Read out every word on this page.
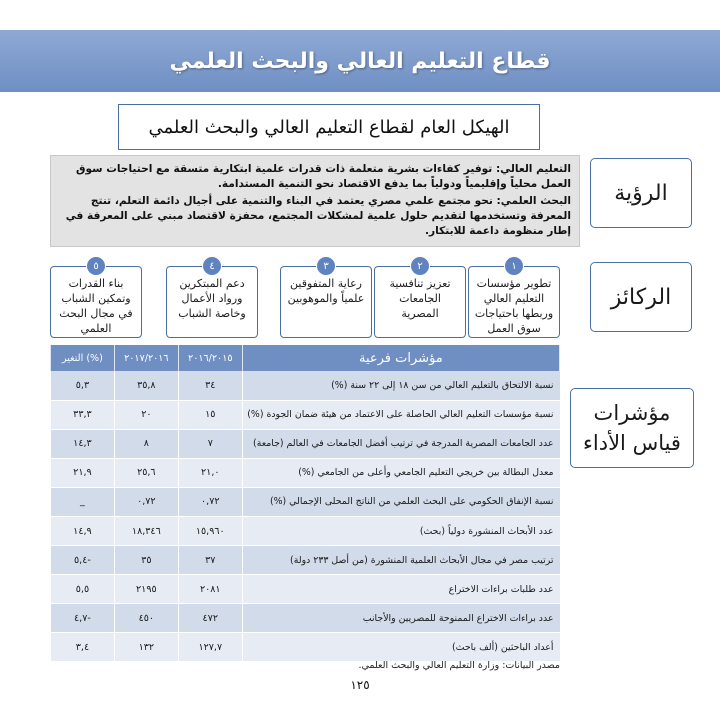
قطاع التعليم العالي والبحث العلمي
الهيكل العام لقطاع التعليم العالي والبحث العلمي
الرؤية

التعليم العالي: توفير كفاءات بشرية متعلمة ذات قدرات علمية ابتكارية متسقة مع احتياجات سوق العمل محلياً وإقليمياً ودولياً بما يدفع الاقتصاد نحو التنمية المستدامة.

البحث العلمي: نحو مجتمع علمي مصري يعتمد في البناء والتنمية على أجيال دائمة التعلم، تنتج المعرفة وتستخدمها لتقديم حلول علمية لمشكلات المجتمع، محفزة لاقتصاد مبني على المعرفة في إطار منظومة داعمة للابتكار.

الركائز
١
تطوير مؤسسات التعليم العالي وربطها باحتياجات سوق العمل
٢
تعزيز تنافسية الجامعات المصرية
٣
رعاية المتفوقين علمياً والموهوبين
٤
دعم المبتكرين ورواد الأعمال وخاصة الشباب
٥
بناء القدرات وتمكين الشباب في مجال البحث العلمي
مؤشرات قياس الأداء
التغير (%)	٢٠١٧/٢٠١٦	٢٠١٦/٢٠١٥	مؤشرات فرعية
٥,٣	٣٥,٨	٣٤	نسبة الالتحاق بالتعليم العالي من سن ١٨ إلى ٢٢ سنة (%)
٣٣,٣	٢٠	١٥	نسبة مؤسسات التعليم العالي الحاصلة على الاعتماد من هيئة ضمان الجودة (%)
١٤,٣	٨	٧	عدد الجامعات المصرية المدرجة في ترتيب أفضل الجامعات في العالم (جامعة)
٢١,٩	٢٥,٦	٢١,٠	معدل البطالة بين خريجي التعليم الجامعي وأعلى من الجامعي (%)
_	٠,٧٢	٠,٧٢	نسبة الإنفاق الحكومي على البحث العلمي من الناتج المحلى الإجمالي (%)
١٤,٩	١٨,٣٤٦	١٥,٩٦٠	عدد الأبحاث المنشورة دولياً (بحث)
-٥,٤	٣٥	٣٧	ترتيب مصر في مجال الأبحاث العلمية المنشورة (من أصل ٢٣٣ دولة)
٥,٥	٢١٩٥	٢٠٨١	عدد طلبات براءات الاختراع
-٤,٧	٤٥٠	٤٧٢	عدد براءات الاختراع الممنوحة للمصريين والأجانب
٣,٤	١٣٢	١٢٧,٧	أعداد الباحثين (ألف باحث)
مصدر البيانات: وزارة التعليم العالي والبحث العلمي.
١٢٥
